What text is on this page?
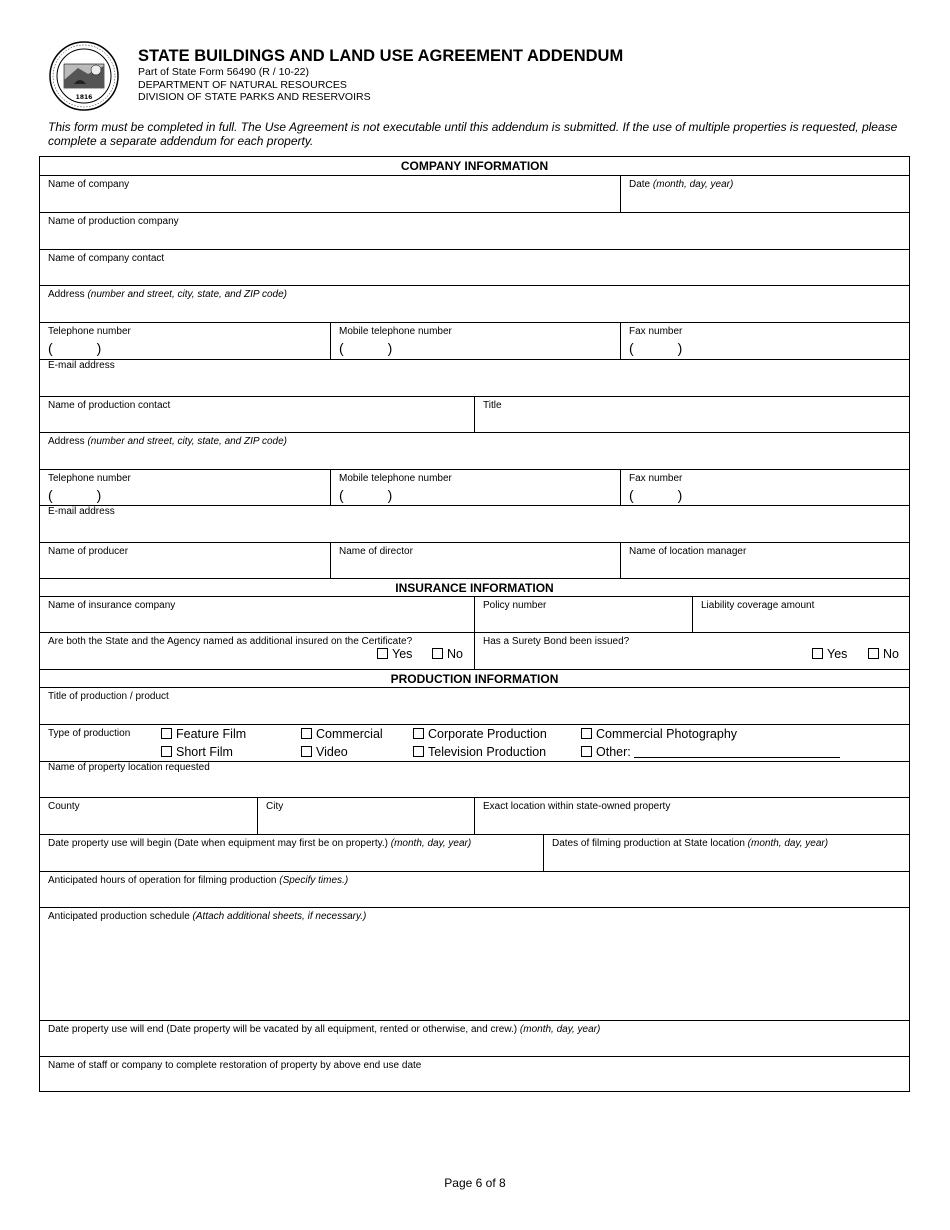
1816
STATE BUILDINGS AND LAND USE AGREEMENT ADDENDUM
Part of State Form 56490 (R / 10-22)
DEPARTMENT OF NATURAL RESOURCES
DIVISION OF STATE PARKS AND RESERVOIRS
This form must be completed in full. The Use Agreement is not executable until this addendum is submitted. If the use of multiple properties is requested, please complete a separate addendum for each property.
COMPANY INFORMATION
Name of company	Date (month, day, year)
Name of production company
Name of company contact
Address (number and street, city, state, and ZIP code)
Telephone number
(	)
Mobile telephone number
(	)
Fax number
(	)
E-mail address
Name of production contact	Title
Address (number and street, city, state, and ZIP code)
Telephone number
(	)
Mobile telephone number
(	)
Fax number
(	)
E-mail address
Name of producer	Name of director	Name of location manager
INSURANCE INFORMATION
Name of insurance company	Policy number	Liability coverage amount
Are both the State and the Agency named as additional insured on the Certificate?
Yes	No
Has a Surety Bond been issued?
Yes	No
PRODUCTION INFORMATION
Title of production / product
Type of production	Feature Film	Commercial	Corporate Production	Commercial Photography
Short Film	Video	Television Production	Other:
Name of property location requested
County	City	Exact location within state-owned property
Date property use will begin (Date when equipment may first be on property.) (month, day, year)	Dates of filming production at State location (month, day, year)
Anticipated hours of operation for filming production (Specify times.)
Anticipated production schedule (Attach additional sheets, if necessary.)
Date property use will end (Date property will be vacated by all equipment, rented or otherwise, and crew.) (month, day, year)
Name of staff or company to complete restoration of property by above end use date
Page 6 of 8
